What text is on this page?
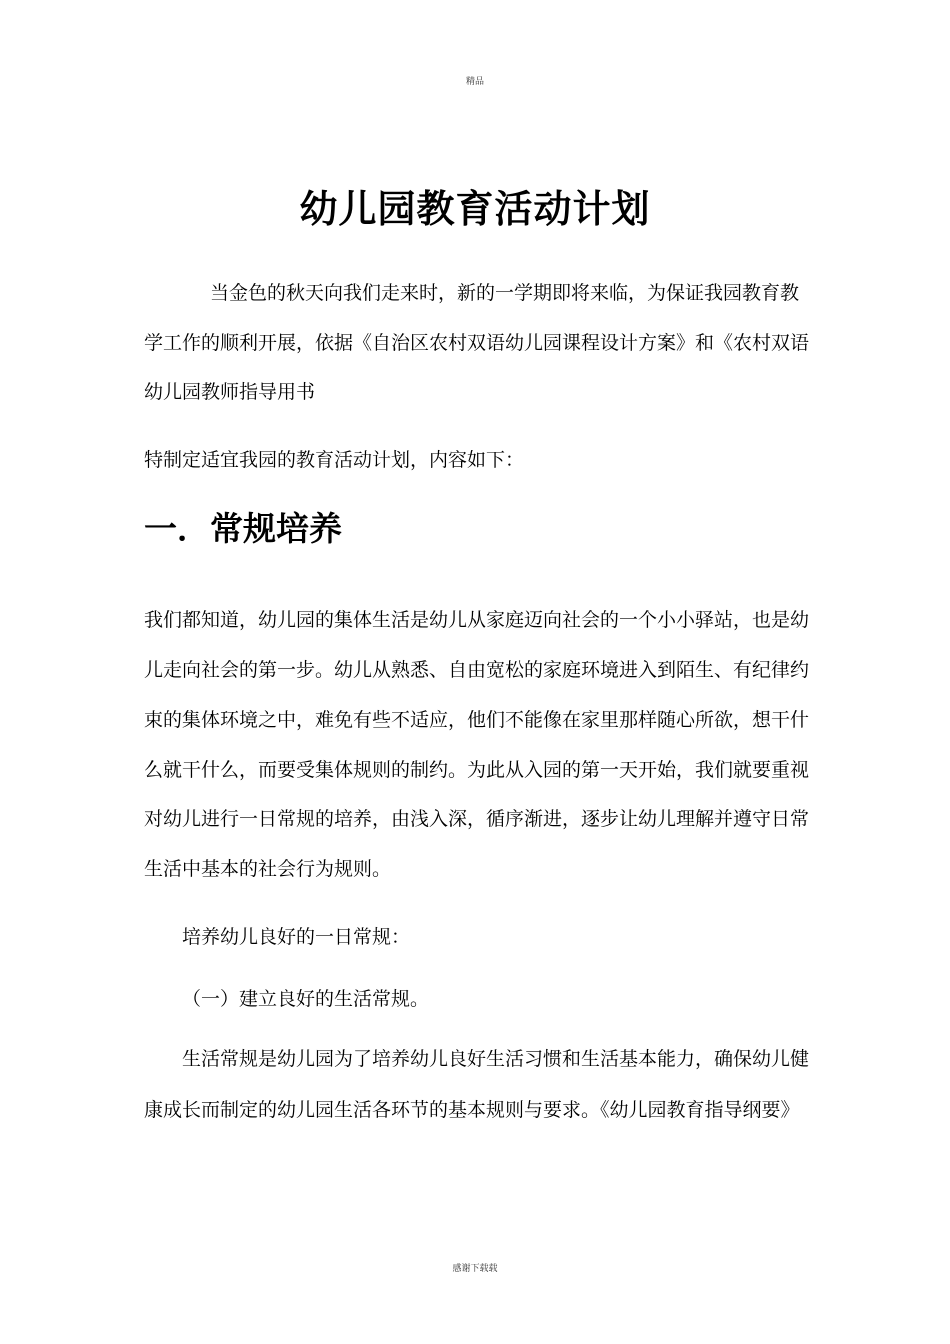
精品
幼儿园教育活动计划
当金色的秋天向我们走来时，新的一学期即将来临，为保证我园教育教
学工作的顺利开展，依据《自治区农村双语幼儿园课程设计方案》和《农村双语
幼儿园教师指导用书
特制定适宜我园的教育活动计划，内容如下：
一．常规培养
我们都知道，幼儿园的集体生活是幼儿从家庭迈向社会的一个小小驿站，也是幼
儿走向社会的第一步。幼儿从熟悉、自由宽松的家庭环境进入到陌生、有纪律约
束的集体环境之中，难免有些不适应，他们不能像在家里那样随心所欲，想干什
么就干什么，而要受集体规则的制约。为此从入园的第一天开始，我们就要重视
对幼儿进行一日常规的培养，由浅入深，循序渐进，逐步让幼儿理解并遵守日常
生活中基本的社会行为规则。
培养幼儿良好的一日常规：
（一）建立良好的生活常规。
生活常规是幼儿园为了培养幼儿良好生活习惯和生活基本能力，确保幼儿健
康成长而制定的幼儿园生活各环节的基本规则与要求。《幼儿园教育指导纲要》
感谢下载载
